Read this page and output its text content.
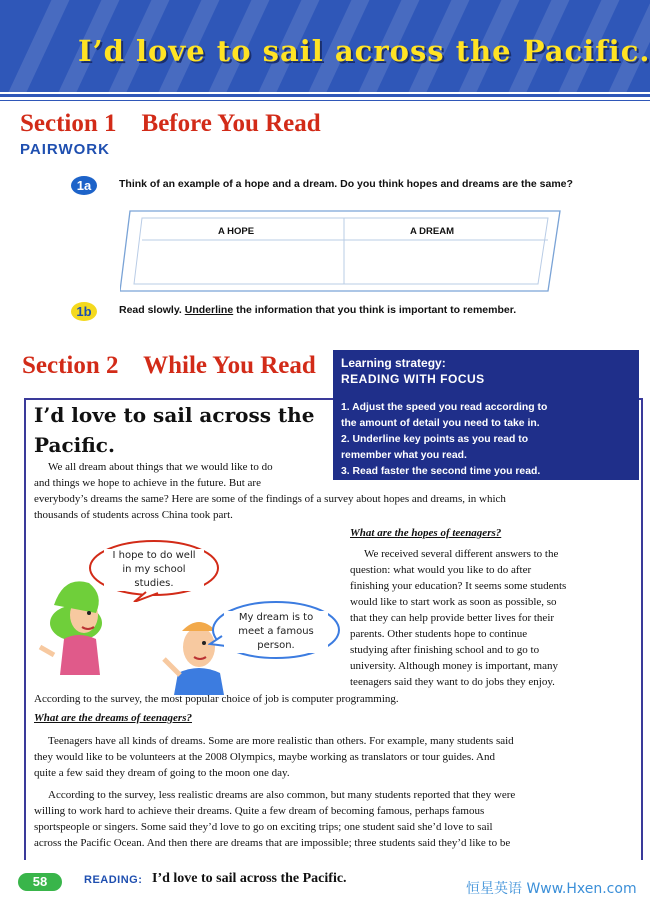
I’d love to sail across the Pacific.
Section 1 Before You Read
PAIRWORK
1a	Think of an example of a hope and a dream. Do you think hopes and dreams are the same?
A HOPE	A DREAM
1b	Read slowly. Underline the information that you think is important to remember.
Section 2 While You Read Learning strategy:
READING WITH FOCUS
1. Adjust the speed you read according to
the amount of detail you need to take in.
2. Underline key points as you read to
remember what you read.
3. Read faster the second time you read.
I’d love to sail across the
Pacific.
We all dream about things that we would like to do
and things we hope to achieve in the future. But are
everybody’s dreams the same? Here are some of the findings of a survey about hopes and dreams, in which
thousands of students across China took part.
I hope to do well
in my school
studies.
My dream is to
meet a famous
person.
What are the hopes of teenagers?
We received several different answers to the
question: what would you like to do after
finishing your education? It seems some students
would like to start work as soon as possible, so
that they can help provide better lives for their
parents. Other students hope to continue
studying after finishing school and to go to
university. Although money is important, many
teenagers said they want to do jobs they enjoy.
According to the survey, the most popular choice of job is computer programming.
What are the dreams of teenagers?
Teenagers have all kinds of dreams. Some are more realistic than others. For example, many students said
they would like to be volunteers at the 2008 Olympics, maybe working as translators or tour guides. And
quite a few said they dream of going to the moon one day.
According to the survey, less realistic dreams are also common, but many students reported that they were
willing to work hard to achieve their dreams. Quite a few dream of becoming famous, perhaps famous
sportspeople or singers. Some said they’d love to go on exciting trips; one student said she’d love to sail
across the Pacific Ocean. And then there are dreams that are impossible; three students said they’d like to be
58	READING: I’d love to sail across the Pacific.
恒星英语 Www.Hxen.com
